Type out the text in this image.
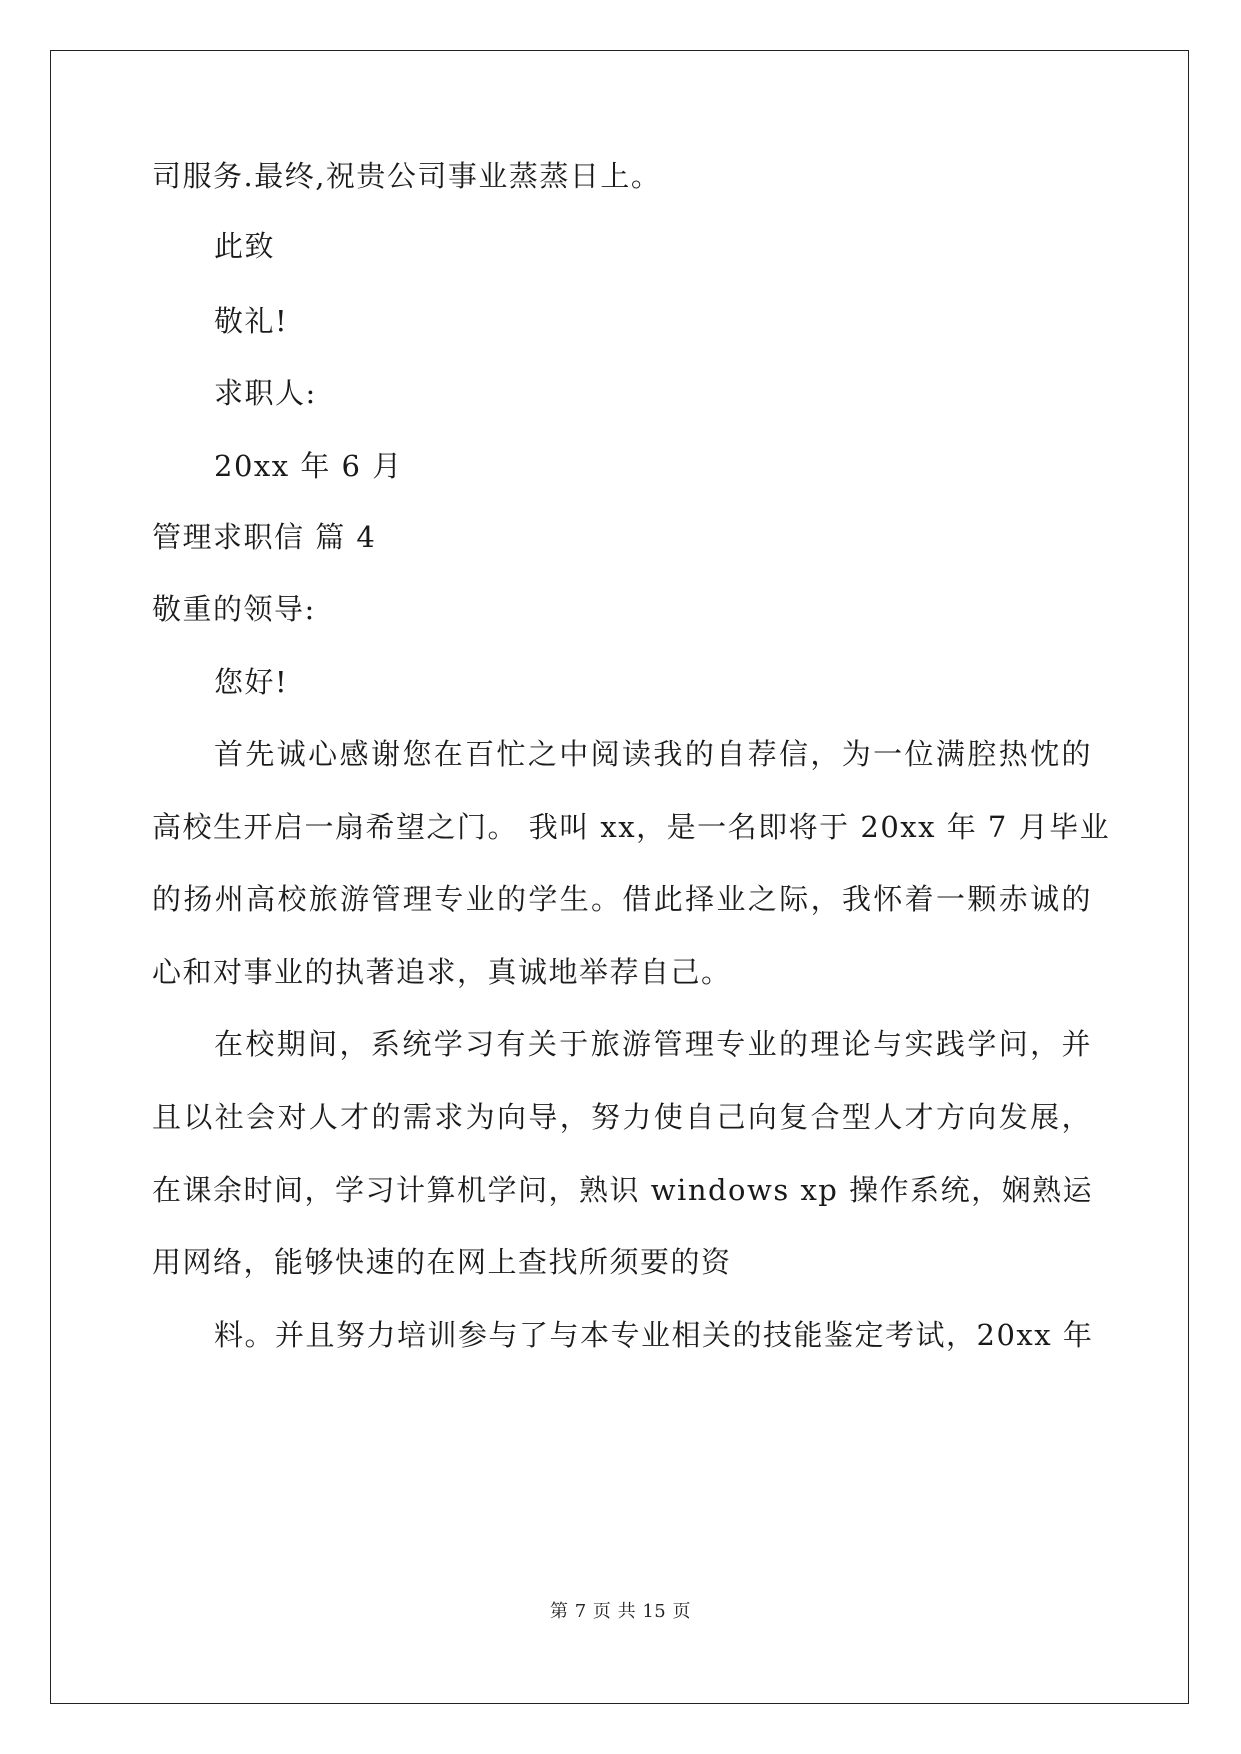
司服务.最终,祝贵公司事业蒸蒸日上。
此致
敬礼!
求职人:
20xx 年 6 月
管理求职信 篇 4
敬重的领导:
您好!
首先诚心感谢您在百忙之中阅读我的自荐信，为一位满腔热忱的
高校生开启一扇希望之门。 我叫 xx，是一名即将于 20xx 年 7 月毕业
的扬州高校旅游管理专业的学生。借此择业之际，我怀着一颗赤诚的
心和对事业的执著追求，真诚地举荐自己。
在校期间，系统学习有关于旅游管理专业的理论与实践学问，并
且以社会对人才的需求为向导，努力使自己向复合型人才方向发展，
在课余时间，学习计算机学问，熟识 windows xp 操作系统，娴熟运
用网络，能够快速的在网上查找所须要的资
料。并且努力培训参与了与本专业相关的技能鉴定考试，20xx 年
第 7 页 共 15 页
